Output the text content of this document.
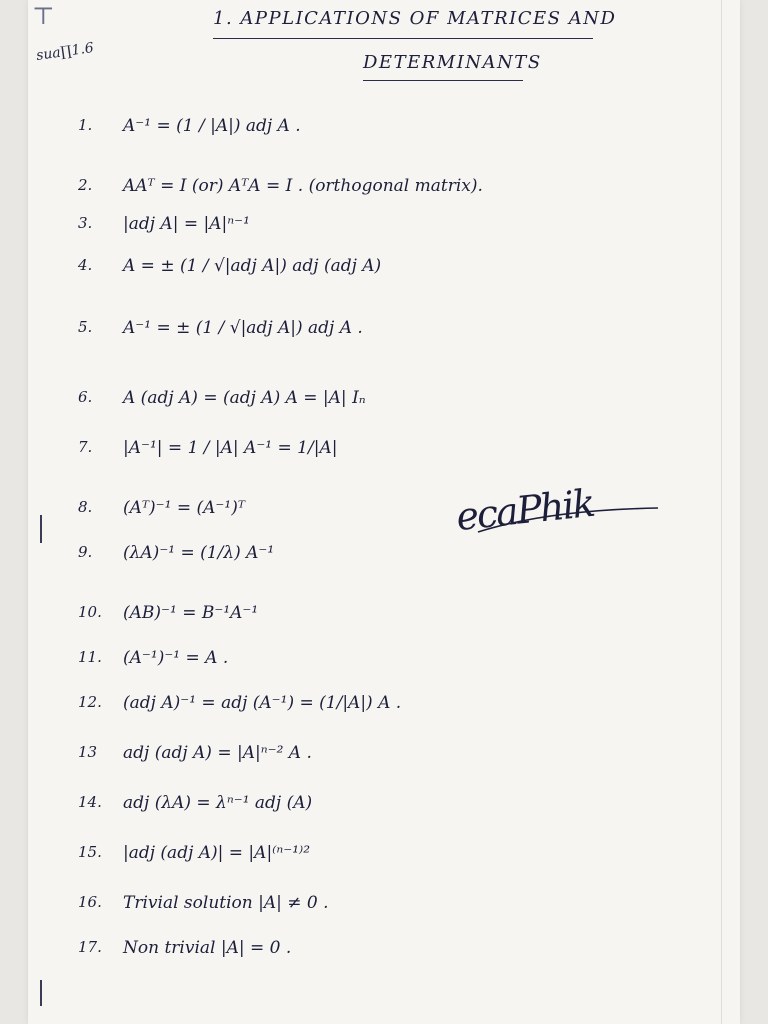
⊤
sua∏1.6
1. APPLICATIONS OF MATRICES AND
DETERMINANTS
1.	A⁻¹ = (1 / |A|) adj A .
2.	AAᵀ = I (or) AᵀA = I . (orthogonal matrix).
3.	|adj A| = |A|ⁿ⁻¹
4.	A = ± (1 / √|adj A|) adj (adj A)
5.	A⁻¹ = ± (1 / √|adj A|) adj A .
6.	A (adj A) = (adj A) A = |A| Iₙ
7.	|A⁻¹| = 1 / |A| A⁻¹ = 1/|A|
8.	(Aᵀ)⁻¹ = (A⁻¹)ᵀ
9.	(λA)⁻¹ = (1/λ) A⁻¹
10.	(AB)⁻¹ = B⁻¹A⁻¹
11.	(A⁻¹)⁻¹ = A .
12.	(adj A)⁻¹ = adj (A⁻¹) = (1/|A|) A .
13	adj (adj A) = |A|ⁿ⁻² A .
14.	adj (λA) = λⁿ⁻¹ adj (A)
15.	|adj (adj A)| = |A|⁽ⁿ⁻¹⁾²
16.	Trivial solution |A| ≠ 0 .
17.	Non trivial |A| = 0 .
ecaPhik
